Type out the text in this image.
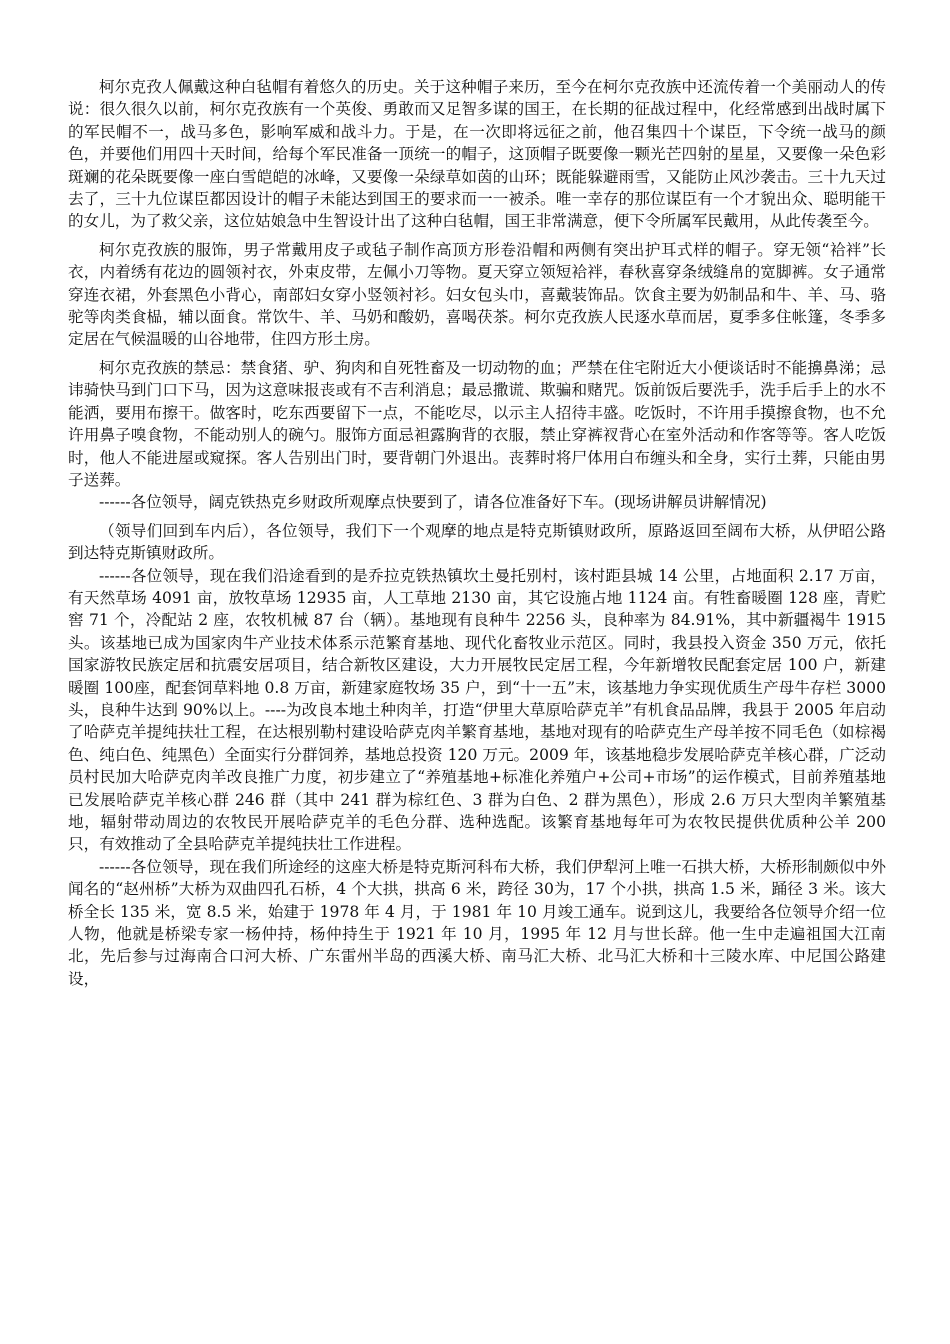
柯尔克孜人佩戴这种白毡帽有着悠久的历史。关于这种帽子来历，至今在柯尔克孜族中还流传着一个美丽动人的传说：很久很久以前，柯尔克孜族有一个英俊、勇敢而又足智多谋的国王，在长期的征战过程中，化经常感到出战时属下的军民帽不一，战马多色，影响军威和战斗力。于是，在一次即将远征之前，他召集四十个谋臣，下令统一战马的颜色，并要他们用四十天时间，给每个军民准备一顶统一的帽子，这顶帽子既要像一颗光芒四射的星星，又要像一朵色彩斑斓的花朵既要像一座白雪皑皑的冰峰，又要像一朵绿草如茵的山环；既能躲避雨雪，又能防止风沙袭击。三十九天过去了，三十九位谋臣都因设计的帽子未能达到国王的要求而一一被杀。唯一幸存的那位谋臣有一个才貌出众、聪明能干的女儿，为了救父亲，这位姑娘急中生智设计出了这种白毡帽，国王非常满意，便下令所属军民戴用，从此传袭至今。

柯尔克孜族的服饰，男子常戴用皮子或毡子制作高顶方形卷沿帽和两侧有突出护耳式样的帽子。穿无领“袷袢”长衣，内着绣有花边的圆领衬衣，外束皮带，左佩小刀等物。夏天穿立领短袷袢，春秋喜穿条绒缝帛的宽脚裤。女子通常穿连衣裙，外套黑色小背心，南部妇女穿小竖领衬衫。妇女包头巾，喜戴装饰品。饮食主要为奶制品和牛、羊、马、骆驼等肉类食榀，辅以面食。常饮牛、羊、马奶和酸奶，喜喝茯茶。柯尔克孜族人民逐水草而居，夏季多住帐篷，冬季多定居在气候温暖的山谷地带，住四方形土房。

柯尔克孜族的禁忌：禁食猪、驴、狗肉和自死牲畜及一切动物的血；严禁在住宅附近大小便谈话时不能擤鼻涕；忌讳骑快马到门口下马，因为这意味报丧或有不吉利消息；最忌撒谎、欺骗和赌咒。饭前饭后要洗手，洗手后手上的水不能洒，要用布擦干。做客时，吃东西要留下一点，不能吃尽，以示主人招待丰盛。吃饭时，不许用手摸擦食物，也不允许用鼻子嗅食物，不能动别人的碗勺。服饰方面忌袒露胸背的衣服，禁止穿裤衩背心在室外活动和作客等等。客人吃饭时，他人不能进屋或窥探。客人告别出门时，要背朝门外退出。丧葬时将尸体用白布缠头和全身，实行土葬，只能由男子送葬。

------各位领导，阔克铁热克乡财政所观摩点快要到了，请各位准备好下车。(现场讲解员讲解情况)

（领导们回到车内后），各位领导，我们下一个观摩的地点是特克斯镇财政所，原路返回至阔布大桥，从伊昭公路到达特克斯镇财政所。

------各位领导，现在我们沿途看到的是乔拉克铁热镇坎土曼托别村，该村距县城 14 公里，占地面积 2.17 万亩，有天然草场 4091 亩，放牧草场 12935 亩，人工草地 2130 亩，其它设施占地 1124 亩。有牲畜暖圈 128 座，青贮窖 71 个，冷配站 2 座，农牧机械 87 台（辆）。基地现有良种牛 2256 头，良种率为 84.91%，其中新疆褐牛 1915 头。该基地已成为国家肉牛产业技术体系示范繁育基地、现代化畜牧业示范区。同时，我县投入资金 350 万元，依托国家游牧民族定居和抗震安居项目，结合新牧区建设，大力开展牧民定居工程，今年新增牧民配套定居 100 户，新建暖圈 100座，配套饲草料地 0.8 万亩，新建家庭牧场 35 户，到“十一五”末，该基地力争实现优质生产母牛存栏 3000 头，良种牛达到 90%以上。----为改良本地土种肉羊，打造“伊里大草原哈萨克羊”有机食品品牌，我县于 2005 年启动了哈萨克羊提纯扶壮工程，在达根别勒村建设哈萨克肉羊繁育基地，基地对现有的哈萨克生产母羊按不同毛色（如棕褐色、纯白色、纯黑色）全面实行分群饲养，基地总投资 120 万元。2009 年，该基地稳步发展哈萨克羊核心群，广泛动员村民加大哈萨克肉羊改良推广力度，初步建立了“养殖基地+标准化养殖户+公司+市场”的运作模式，目前养殖基地已发展哈萨克羊核心群 246 群（其中 241 群为棕红色、3 群为白色、2 群为黑色），形成 2.6 万只大型肉羊繁殖基地，辐射带动周边的农牧民开展哈萨克羊的毛色分群、选种选配。该繁育基地每年可为农牧民提供优质种公羊 200 只，有效推动了全县哈萨克羊提纯扶壮工作进程。

------各位领导，现在我们所途经的这座大桥是特克斯河科布大桥，我们伊犁河上唯一石拱大桥，大桥形制颇似中外闻名的“赵州桥”大桥为双曲四孔石桥，4 个大拱，拱高 6 米，跨径 30为，17 个小拱，拱高 1.5 米，踊径 3 米。该大桥全长 135 米，宽 8.5 米，始建于 1978 年 4 月，于 1981 年 10 月竣工通车。说到这儿，我要给各位领导介绍一位人物，他就是桥梁专家一杨仲持，杨仲持生于 1921 年 10 月，1995 年 12 月与世长辞。他一生中走遍祖国大江南北，先后参与过海南合口河大桥、广东雷州半岛的西溪大桥、南马汇大桥、北马汇大桥和十三陵水库、中尼国公路建设，
